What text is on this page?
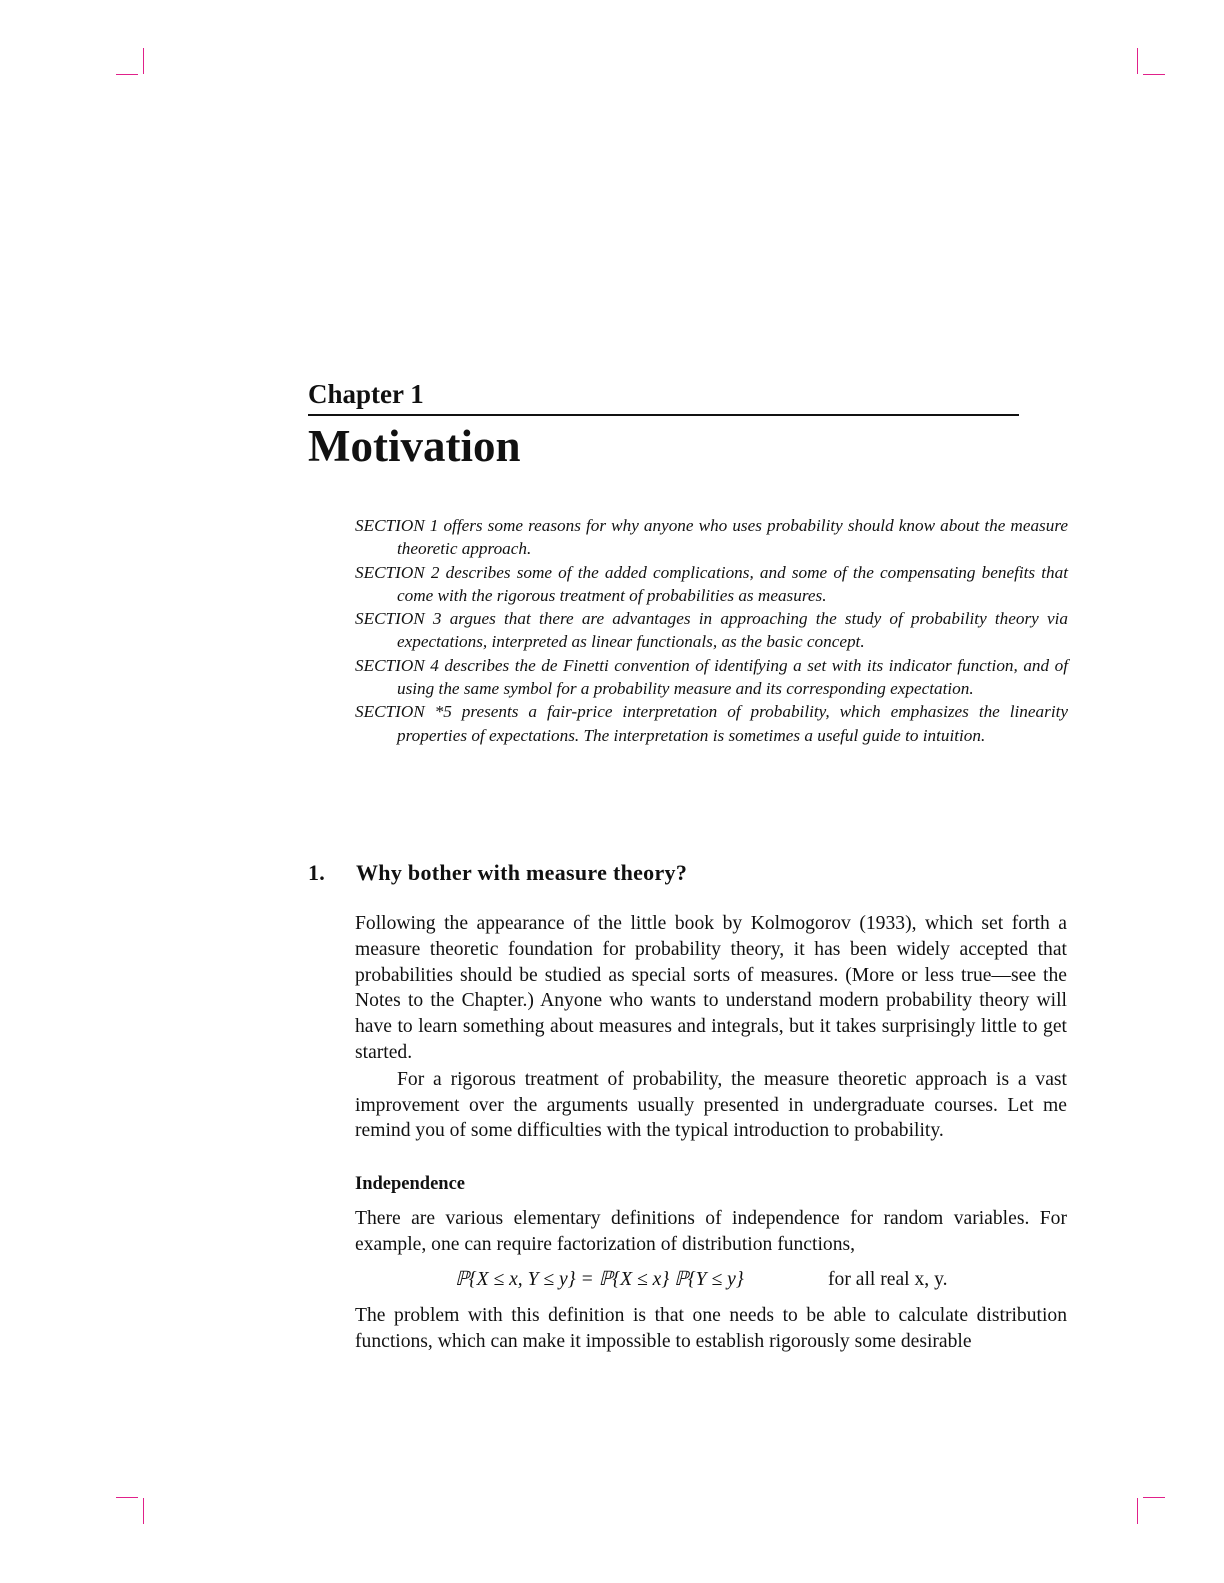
Chapter 1
Motivation

SECTION 1 offers some reasons for why anyone who uses probability should know about the measure theoretic approach.

SECTION 2 describes some of the added complications, and some of the compensating benefits that come with the rigorous treatment of probabilities as measures.

SECTION 3 argues that there are advantages in approaching the study of probability theory via expectations, interpreted as linear functionals, as the basic concept.

SECTION 4 describes the de Finetti convention of identifying a set with its indicator function, and of using the same symbol for a probability measure and its corresponding expectation.

SECTION *5 presents a fair-price interpretation of probability, which emphasizes the linearity properties of expectations. The interpretation is sometimes a useful guide to intuition.

1. Why bother with measure theory?

Following the appearance of the little book by Kolmogorov (1933), which set forth a measure theoretic foundation for probability theory, it has been widely accepted that probabilities should be studied as special sorts of measures. (More or less true—see the Notes to the Chapter.) Anyone who wants to understand modern probability theory will have to learn something about measures and integrals, but it takes surprisingly little to get started.

For a rigorous treatment of probability, the measure theoretic approach is a vast improvement over the arguments usually presented in undergraduate courses. Let me remind you of some difficulties with the typical introduction to probability.

Independence

There are various elementary definitions of independence for random variables. For example, one can require factorization of distribution functions,

ℙ{X ≤ x, Y ≤ y} = ℙ{X ≤ x} ℙ{Y ≤ y}	for all real x, y.

The problem with this definition is that one needs to be able to calculate distribution functions, which can make it impossible to establish rigorously some desirable
